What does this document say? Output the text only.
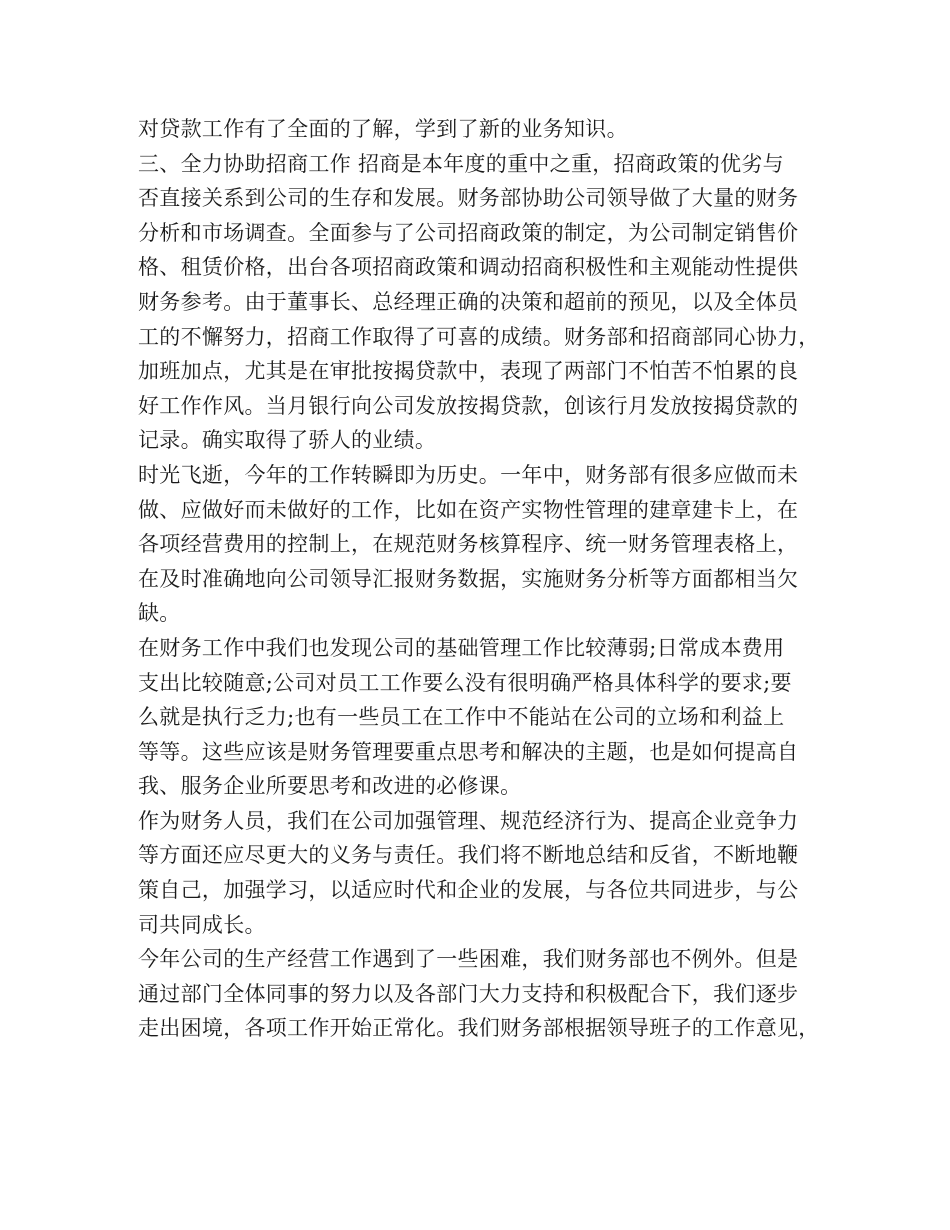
对贷款工作有了全面的了解，学到了新的业务知识。
三、全力协助招商工作 招商是本年度的重中之重，招商政策的优劣与
否直接关系到公司的生存和发展。财务部协助公司领导做了大量的财务
分析和市场调查。全面参与了公司招商政策的制定，为公司制定销售价
格、租赁价格，出台各项招商政策和调动招商积极性和主观能动性提供
财务参考。由于董事长、总经理正确的决策和超前的预见，以及全体员
工的不懈努力，招商工作取得了可喜的成绩。财务部和招商部同心协力，
加班加点，尤其是在审批按揭贷款中，表现了两部门不怕苦不怕累的良
好工作作风。当月银行向公司发放按揭贷款，创该行月发放按揭贷款的
记录。确实取得了骄人的业绩。
时光飞逝，今年的工作转瞬即为历史。一年中，财务部有很多应做而未
做、应做好而未做好的工作，比如在资产实物性管理的建章建卡上，在
各项经营费用的控制上，在规范财务核算程序、统一财务管理表格上，
在及时准确地向公司领导汇报财务数据，实施财务分析等方面都相当欠
缺。
在财务工作中我们也发现公司的基础管理工作比较薄弱;日常成本费用
支出比较随意;公司对员工工作要么没有很明确严格具体科学的要求;要
么就是执行乏力;也有一些员工在工作中不能站在公司的立场和利益上
等等。这些应该是财务管理要重点思考和解决的主题，也是如何提高自
我、服务企业所要思考和改进的必修课。
作为财务人员，我们在公司加强管理、规范经济行为、提高企业竞争力
等方面还应尽更大的义务与责任。我们将不断地总结和反省，不断地鞭
策自己，加强学习，以适应时代和企业的发展，与各位共同进步，与公
司共同成长。
今年公司的生产经营工作遇到了一些困难，我们财务部也不例外。但是
通过部门全体同事的努力以及各部门大力支持和积极配合下，我们逐步
走出困境，各项工作开始正常化。我们财务部根据领导班子的工作意见，
